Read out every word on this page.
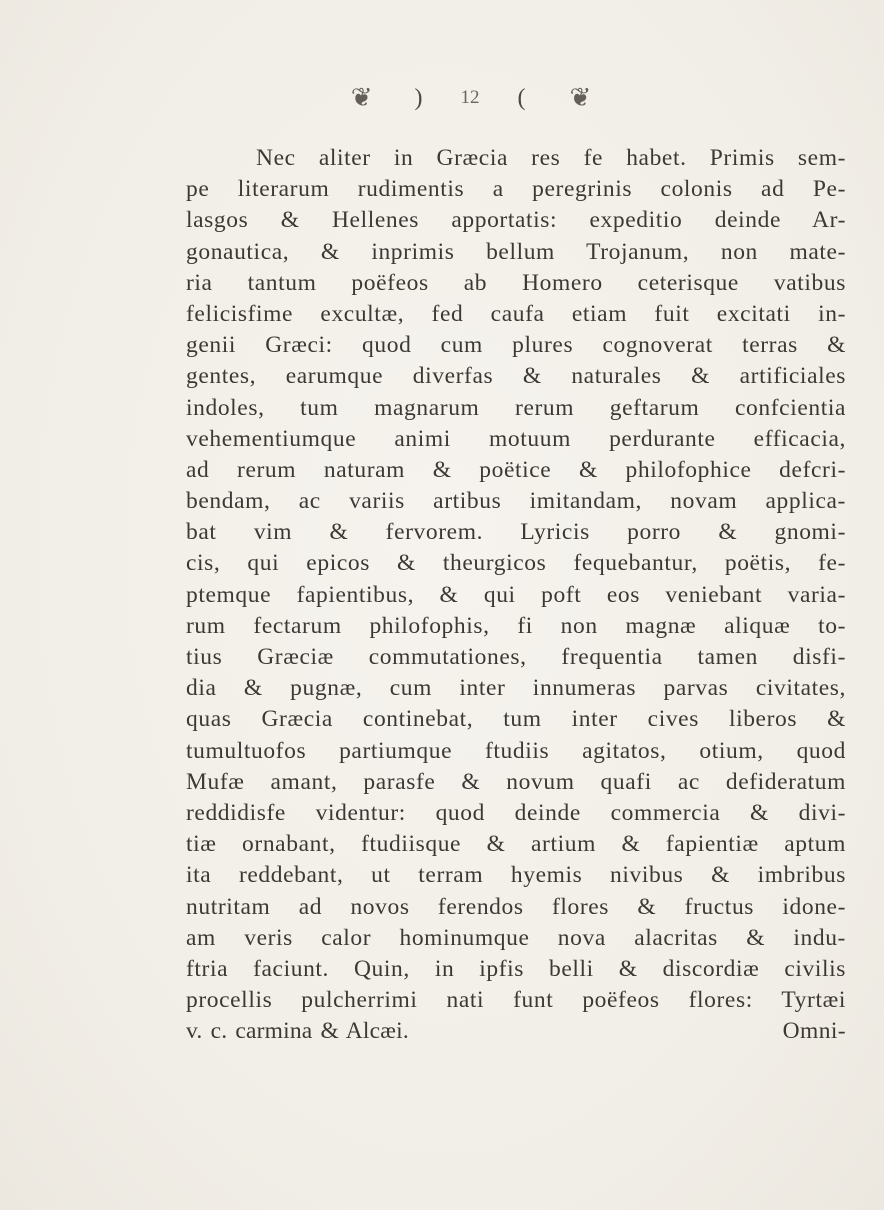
❦ ) 12 ( ❦
Nec aliter in Græcia res fe habet. Primis sem-
pe literarum rudimentis a peregrinis colonis ad Pe-
lasgos & Hellenes apportatis: expeditio deinde Ar-
gonautica, & inprimis bellum Trojanum, non mate-
ria tantum poëfeos ab Homero ceterisque vatibus
felicisfime excultæ, fed caufa etiam fuit excitati in-
genii Græci: quod cum plures cognoverat terras &
gentes, earumque diverfas & naturales & artificiales
indoles, tum magnarum rerum geftarum confcientia
vehementiumque animi motuum perdurante efficacia,
ad rerum naturam & poëtice & philofophice defcri-
bendam, ac variis artibus imitandam, novam applica-
bat vim & fervorem. Lyricis porro & gnomi-
cis, qui epicos & theurgicos fequebantur, poëtis, fe-
ptemque fapientibus, & qui poft eos veniebant varia-
rum fectarum philofophis, fi non magnæ aliquæ to-
tius Græciæ commutationes, frequentia tamen disfi-
dia & pugnæ, cum inter innumeras parvas civitates,
quas Græcia continebat, tum inter cives liberos &
tumultuofos partiumque ftudiis agitatos, otium, quod
Mufæ amant, parasfe & novum quafi ac defideratum
reddidisfe videntur: quod deinde commercia & divi-
tiæ ornabant, ftudiisque & artium & fapientiæ aptum
ita reddebant, ut terram hyemis nivibus & imbribus
nutritam ad novos ferendos flores & fructus idone-
am veris calor hominumque nova alacritas & indu-
ftria faciunt. Quin, in ipfis belli & discordiæ civilis
procellis pulcherrimi nati funt poëfeos flores: Tyrtæi
v. c. carmina & Alcæi.	Omni-
